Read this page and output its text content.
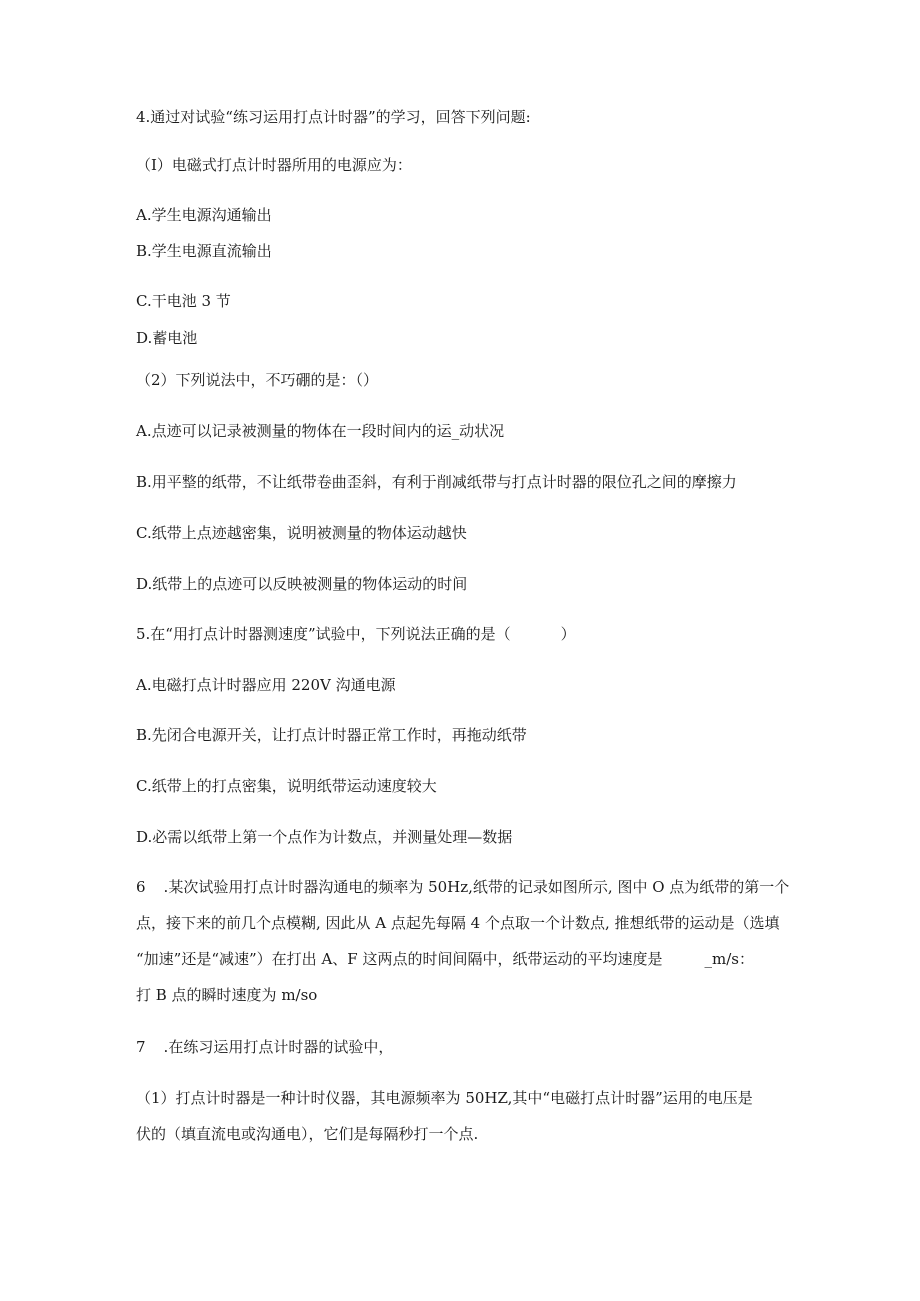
4.通过对试验“练习运用打点计时器”的学习，回答下列问题:
（I）电磁式打点计时器所用的电源应为：
A.学生电源沟通输出
B.学生电源直流输出
C.干电池 3 节
D.蓄电池
（2）下列说法中，不巧硼的是：（）
A.点迹可以记录被测量的物体在一段时间内的运_动状况
B.用平整的纸带，不让纸带卷曲歪斜，有利于削减纸带与打点计时器的限位孔之间的摩擦力
C.纸带上点迹越密集，说明被测量的物体运动越快
D.纸带上的点迹可以反映被测量的物体运动的时间
5.在“用打点计时器测速度”试验中，下列说法正确的是（	）
A.电磁打点计时器应用 220V 沟通电源
B.先闭合电源开关，让打点计时器正常工作时，再拖动纸带
C.纸带上的打点密集，说明纸带运动速度较大
D.必需以纸带上第一个点作为计数点，并测量处理—数据
6 .某次试验用打点计时器沟通电的频率为 50Hz,纸带的记录如图所示, 图中 O 点为纸带的第一个
点，接下来的前几个点模糊, 因此从 A 点起先每隔 4 个点取一个计数点, 推想纸带的运动是（选填
“加速”还是“减速”）在打出 A、F 这两点的时间间隔中，纸带运动的平均速度是	_m/s：
打 B 点的瞬时速度为 m/so
7 .在练习运用打点计时器的试验中，
（1）打点计时器是一种计时仪器，其电源频率为 50HZ,其中“电磁打点计时器”运用的电压是
伏的（填直流电或沟通电），它们是每隔秒打一个点.
